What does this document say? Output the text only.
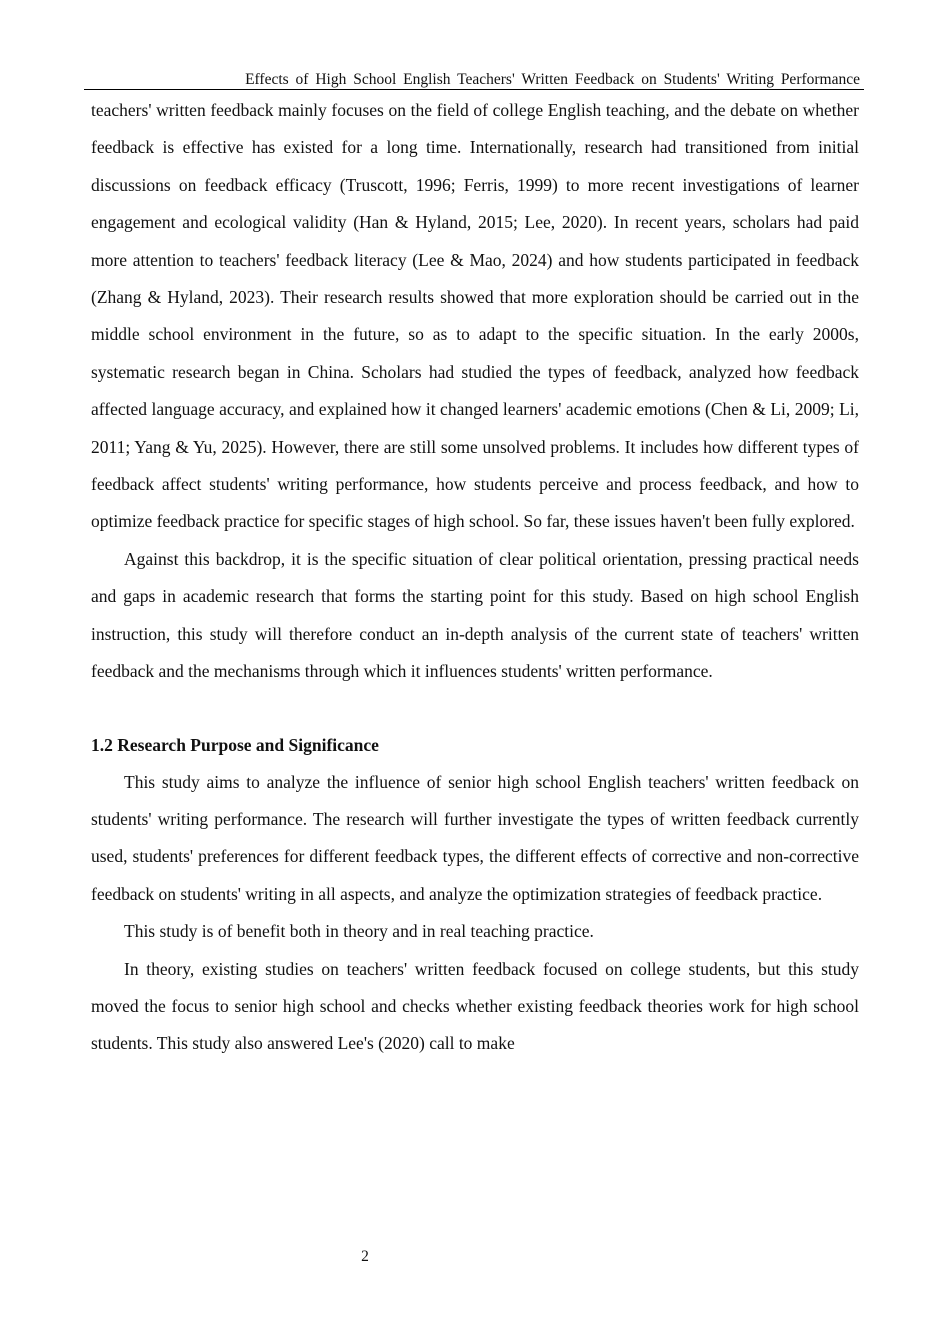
Effects of High School English Teachers' Written Feedback on Students' Writing Performance

teachers' written feedback mainly focuses on the field of college English teaching, and the debate on whether feedback is effective has existed for a long time. Internationally, research had transitioned from initial discussions on feedback efficacy (Truscott, 1996; Ferris, 1999) to more recent investigations of learner engagement and ecological validity (Han & Hyland, 2015; Lee, 2020). In recent years, scholars had paid more attention to teachers' feedback literacy (Lee & Mao, 2024) and how students participated in feedback (Zhang & Hyland, 2023). Their research results showed that more exploration should be carried out in the middle school environment in the future, so as to adapt to the specific situation. In the early 2000s, systematic research began in China. Scholars had studied the types of feedback, analyzed how feedback affected language accuracy, and explained how it changed learners' academic emotions (Chen & Li, 2009; Li, 2011; Yang & Yu, 2025). However, there are still some unsolved problems. It includes how different types of feedback affect students' writing performance, how students perceive and process feedback, and how to optimize feedback practice for specific stages of high school. So far, these issues haven't been fully explored.

Against this backdrop, it is the specific situation of clear political orientation, pressing practical needs and gaps in academic research that forms the starting point for this study. Based on high school English instruction, this study will therefore conduct an in-depth analysis of the current state of teachers' written feedback and the mechanisms through which it influences students' written performance.

1.2 Research Purpose and Significance

This study aims to analyze the influence of senior high school English teachers' written feedback on students' writing performance. The research will further investigate the types of written feedback currently used, students' preferences for different feedback types, the different effects of corrective and non-corrective feedback on students' writing in all aspects, and analyze the optimization strategies of feedback practice.

This study is of benefit both in theory and in real teaching practice.

In theory, existing studies on teachers' written feedback focused on college students, but this study moved the focus to senior high school and checks whether existing feedback theories work for high school students. This study also answered Lee's (2020) call to make

2
